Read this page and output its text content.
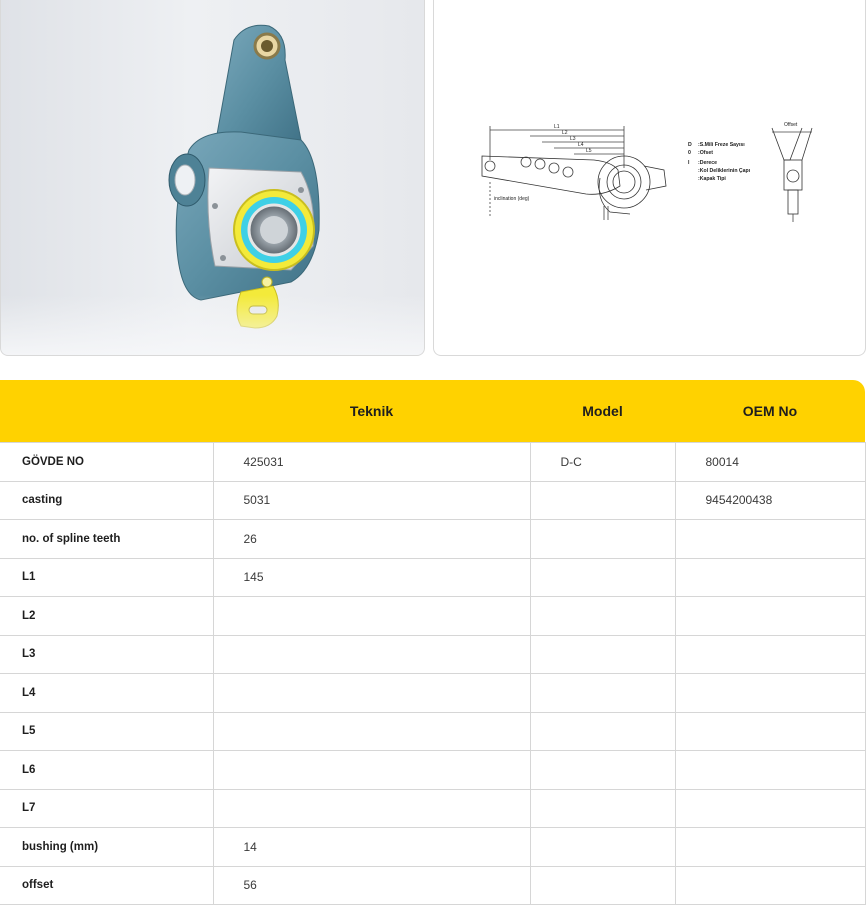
L1
L2
L3
L4
L5
inclination (deg)
Offset
D :S.Mili Freze Sayısı
0 :Ofset
I :Derece
:Kol Deliklerinin Çapı
:Kapak Tipi
	Teknik	Model	OEM No
GÖVDE NO	425031	D-C	80014
casting	5031		9454200438
no. of spline teeth	26		
L1	145		
L2			
L3			
L4			
L5			
L6			
L7			
bushing (mm)	14		
offset	56		
